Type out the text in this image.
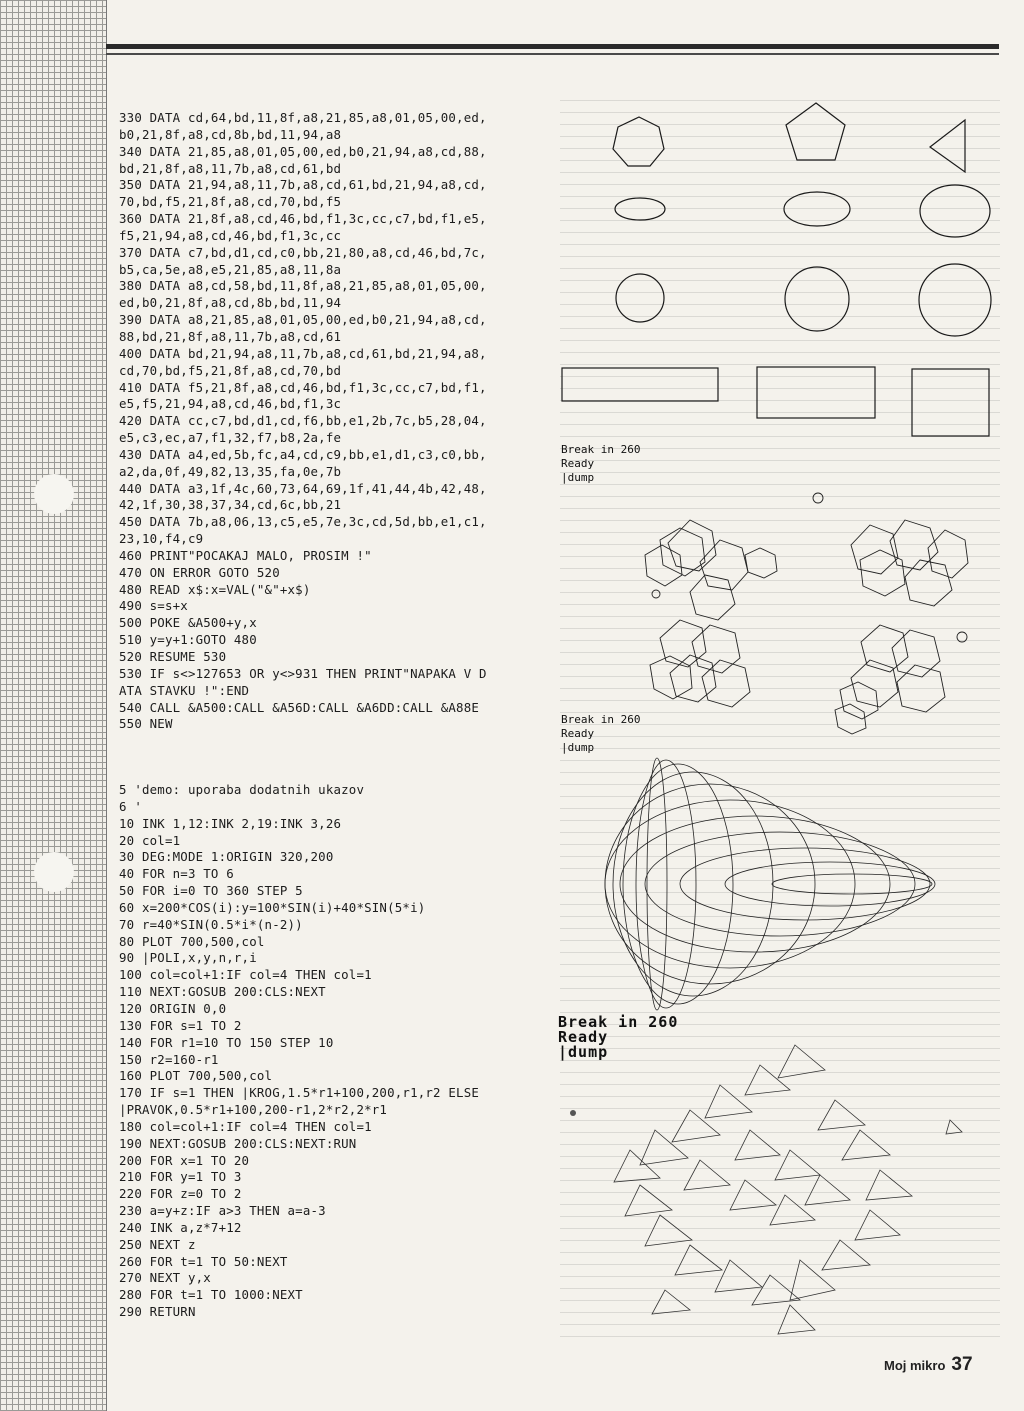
330 DATA cd,64,bd,11,8f,a8,21,85,a8,01,05,00,ed,
b0,21,8f,a8,cd,8b,bd,11,94,a8
340 DATA 21,85,a8,01,05,00,ed,b0,21,94,a8,cd,88,
bd,21,8f,a8,11,7b,a8,cd,61,bd
350 DATA 21,94,a8,11,7b,a8,cd,61,bd,21,94,a8,cd,
70,bd,f5,21,8f,a8,cd,70,bd,f5
360 DATA 21,8f,a8,cd,46,bd,f1,3c,cc,c7,bd,f1,e5,
f5,21,94,a8,cd,46,bd,f1,3c,cc
370 DATA c7,bd,d1,cd,c0,bb,21,80,a8,cd,46,bd,7c,
b5,ca,5e,a8,e5,21,85,a8,11,8a
380 DATA a8,cd,58,bd,11,8f,a8,21,85,a8,01,05,00,
ed,b0,21,8f,a8,cd,8b,bd,11,94
390 DATA a8,21,85,a8,01,05,00,ed,b0,21,94,a8,cd,
88,bd,21,8f,a8,11,7b,a8,cd,61
400 DATA bd,21,94,a8,11,7b,a8,cd,61,bd,21,94,a8,
cd,70,bd,f5,21,8f,a8,cd,70,bd
410 DATA f5,21,8f,a8,cd,46,bd,f1,3c,cc,c7,bd,f1,
e5,f5,21,94,a8,cd,46,bd,f1,3c
420 DATA cc,c7,bd,d1,cd,f6,bb,e1,2b,7c,b5,28,04,
e5,c3,ec,a7,f1,32,f7,b8,2a,fe
430 DATA a4,ed,5b,fc,a4,cd,c9,bb,e1,d1,c3,c0,bb,
a2,da,0f,49,82,13,35,fa,0e,7b
440 DATA a3,1f,4c,60,73,64,69,1f,41,44,4b,42,48,
42,1f,30,38,37,34,cd,6c,bb,21
450 DATA 7b,a8,06,13,c5,e5,7e,3c,cd,5d,bb,e1,c1,
23,10,f4,c9
460 PRINT"POCAKAJ MALO, PROSIM !"
470 ON ERROR GOTO 520
480 READ x$:x=VAL("&"+x$)
490 s=s+x
500 POKE &A500+y,x
510 y=y+1:GOTO 480
520 RESUME 530
530 IF s<>127653 OR y<>931 THEN PRINT"NAPAKA V D
ATA STAVKU !":END
540 CALL &A500:CALL &A56D:CALL &A6DD:CALL &A88E
550 NEW
5 'demo: uporaba dodatnih ukazov
6 '
10 INK 1,12:INK 2,19:INK 3,26
20 col=1
30 DEG:MODE 1:ORIGIN 320,200
40 FOR n=3 TO 6
50 FOR i=0 TO 360 STEP 5
60 x=200*COS(i):y=100*SIN(i)+40*SIN(5*i)
70 r=40*SIN(0.5*i*(n-2))
80 PLOT 700,500,col
90 |POLI,x,y,n,r,i
100 col=col+1:IF col=4 THEN col=1
110 NEXT:GOSUB 200:CLS:NEXT
120 ORIGIN 0,0
130 FOR s=1 TO 2
140 FOR r1=10 TO 150 STEP 10
150 r2=160-r1
160 PLOT 700,500,col
170 IF s=1 THEN |KROG,1.5*r1+100,200,r1,r2 ELSE
|PRAVOK,0.5*r1+100,200-r1,2*r2,2*r1
180 col=col+1:IF col=4 THEN col=1
190 NEXT:GOSUB 200:CLS:NEXT:RUN
200 FOR x=1 TO 20
210 FOR y=1 TO 3
220 FOR z=0 TO 2
230 a=y+z:IF a>3 THEN a=a-3
240 INK a,z*7+12
250 NEXT z
260 FOR t=1 TO 50:NEXT
270 NEXT y,x
280 FOR t=1 TO 1000:NEXT
290 RETURN
Break in 260
Ready
|dump
Break in 260
Ready
|dump
Break in 260
Ready
|dump
Moj mikro 37
